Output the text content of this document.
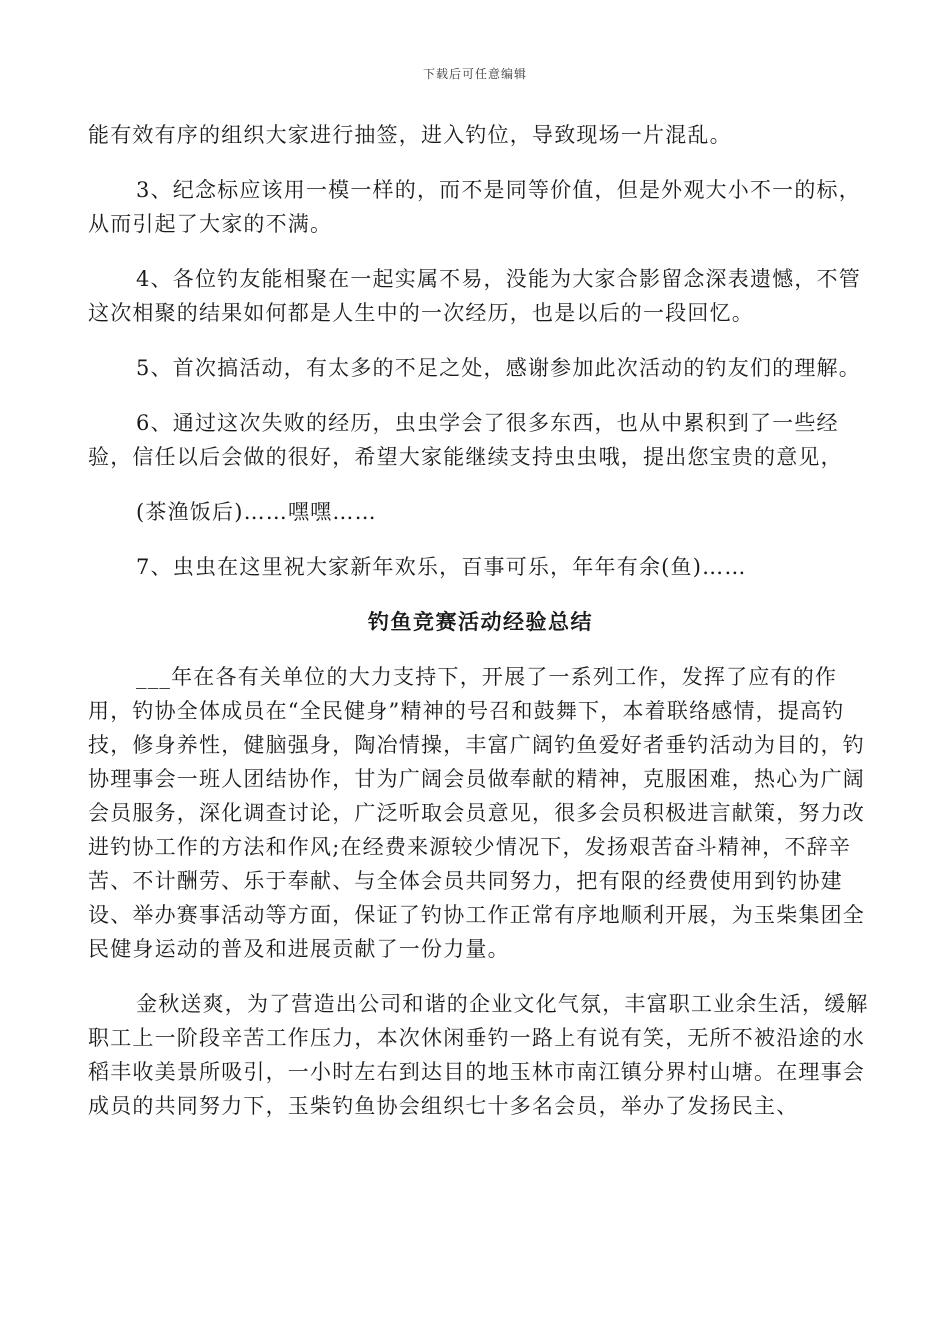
下载后可任意编辑

能有效有序的组织大家进行抽签，进入钓位，导致现场一片混乱。

3、纪念标应该用一模一样的，而不是同等价值，但是外观大小不一的标，从而引起了大家的不满。

4、各位钓友能相聚在一起实属不易，没能为大家合影留念深表遗憾，不管这次相聚的结果如何都是人生中的一次经历，也是以后的一段回忆。

5、首次搞活动，有太多的不足之处，感谢参加此次活动的钓友们的理解。

6、通过这次失败的经历，虫虫学会了很多东西，也从中累积到了一些经验，信任以后会做的很好，希望大家能继续支持虫虫哦，提出您宝贵的意见，

(茶渔饭后)……嘿嘿……

7、虫虫在这里祝大家新年欢乐，百事可乐，年年有余(鱼)……

钓鱼竞赛活动经验总结

___年在各有关单位的大力支持下，开展了一系列工作，发挥了应有的作用，钓协全体成员在“全民健身”精神的号召和鼓舞下，本着联络感情，提高钓技，修身养性，健脑强身，陶冶情操，丰富广阔钓鱼爱好者垂钓活动为目的，钓协理事会一班人团结协作，甘为广阔会员做奉献的精神，克服困难，热心为广阔会员服务，深化调查讨论，广泛听取会员意见，很多会员积极进言献策，努力改进钓协工作的方法和作风;在经费来源较少情况下，发扬艰苦奋斗精神，不辞辛苦、不计酬劳、乐于奉献、与全体会员共同努力，把有限的经费使用到钓协建设、举办赛事活动等方面，保证了钓协工作正常有序地顺利开展，为玉柴集团全民健身运动的普及和进展贡献了一份力量。

金秋送爽，为了营造出公司和谐的企业文化气氛，丰富职工业余生活，缓解职工上一阶段辛苦工作压力，本次休闲垂钓一路上有说有笑，无所不被沿途的水稻丰收美景所吸引，一小时左右到达目的地玉林市南江镇分界村山塘。在理事会成员的共同努力下，玉柴钓鱼协会组织七十多名会员，举办了发扬民主、
